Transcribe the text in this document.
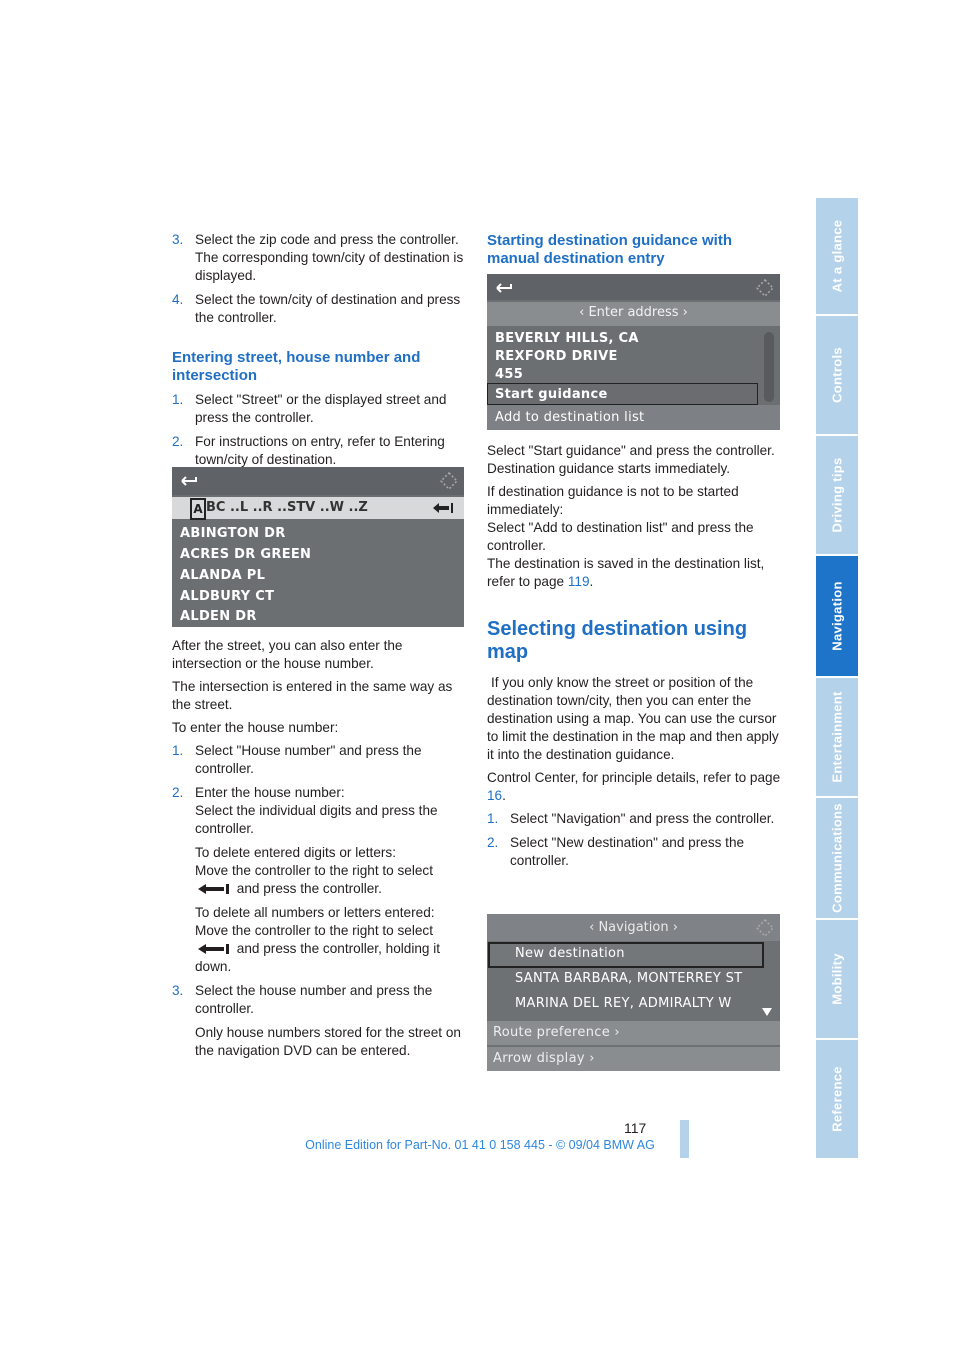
3. Select the zip code and press the controller. The corresponding town/city of destination is displayed.
4. Select the town/city of destination and press the controller.
Entering street, house number and intersection
1. Select "Street" or the displayed street and press the controller.
2. For instructions on entry, refer to Entering town/city of destination.
A BC ..L ..R ..STV ..W ..Z
ABINGTON DR
ACRES DR GREEN
ALANDA PL
ALDBURY CT
ALDEN DR

After the street, you can also enter the intersection or the house number.

The intersection is entered in the same way as the street.

To enter the house number:

1. Select "House number" and press the controller.
2. Enter the house number:

Select the individual digits and press the controller.

To delete entered digits or letters:

Move the controller to the right to select

and press the controller.

To delete all numbers or letters entered:

Move the controller to the right to select

and press the controller, holding it down.

3. Select the house number and press the controller.

Only house numbers stored for the street on the navigation DVD can be entered.

Starting destination guidance with manual destination entry
‹ Enter address ›
BEVERLY HILLS, CA
REXFORD DRIVE
455
Start guidance
Add to destination list

Select "Start guidance" and press the controller.

Destination guidance starts immediately.

If destination guidance is not to be started immediately:

Select "Add to destination list" and press the controller.

The destination is saved in the destination list, refer to page 119.

Selecting destination using map

If you only know the street or position of the destination town/city, then you can enter the destination using a map. You can use the cursor to limit the destination in the map and then apply it into the destination guidance.

Control Center, for principle details, refer to page 16.

1. Select "Navigation" and press the controller.
2. Select "New destination" and press the controller.
‹ Navigation ›
New destination
SANTA BARBARA, MONTERREY ST
MARINA DEL REY, ADMIRALTY W
Route preference ›
Arrow display ›
At a glance
Controls
Driving tips
Navigation
Entertainment
Communications
Mobility
Reference
117
Online Edition for Part-No. 01 41 0 158 445 - © 09/04 BMW AG
